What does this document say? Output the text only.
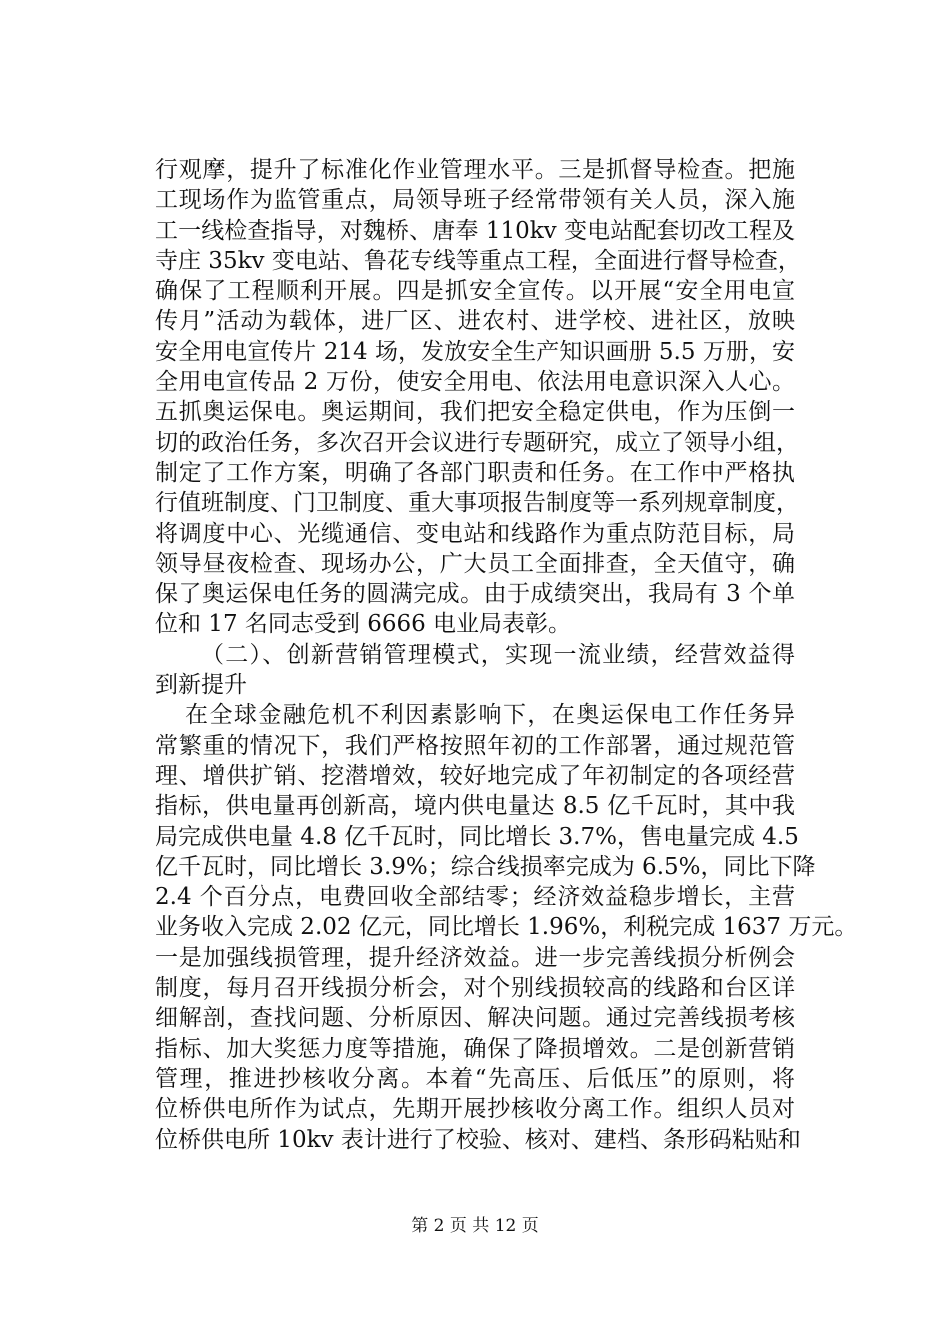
行观摩，提升了标准化作业管理水平。三是抓督导检查。把施
工现场作为监管重点，局领导班子经常带领有关人员，深入施
工一线检查指导，对魏桥、唐奉 110kv 变电站配套切改工程及
寺庄 35kv 变电站、鲁花专线等重点工程，全面进行督导检查，
确保了工程顺利开展。四是抓安全宣传。以开展“安全用电宣
传月”活动为载体，进厂区、进农村、进学校、进社区，放映
安全用电宣传片 214 场，发放安全生产知识画册 5.5 万册，安
全用电宣传品 2 万份，使安全用电、依法用电意识深入人心。
五抓奥运保电。奥运期间，我们把安全稳定供电，作为压倒一
切的政治任务，多次召开会议进行专题研究，成立了领导小组，
制定了工作方案，明确了各部门职责和任务。在工作中严格执
行值班制度、门卫制度、重大事项报告制度等一系列规章制度，
将调度中心、光缆通信、变电站和线路作为重点防范目标，局
领导昼夜检查、现场办公，广大员工全面排查，全天值守，确
保了奥运保电任务的圆满完成。由于成绩突出，我局有 3 个单
位和 17 名同志受到 6666 电业局表彰。
（二）、创新营销管理模式，实现一流业绩，经营效益得
到新提升
在全球金融危机不利因素影响下，在奥运保电工作任务异
常繁重的情况下，我们严格按照年初的工作部署，通过规范管
理、增供扩销、挖潜增效，较好地完成了年初制定的各项经营
指标，供电量再创新高，境内供电量达 8.5 亿千瓦时，其中我
局完成供电量 4.8 亿千瓦时，同比增长 3.7%，售电量完成 4.5
亿千瓦时，同比增长 3.9%；综合线损率完成为 6.5%，同比下降
2.4 个百分点，电费回收全部结零；经济效益稳步增长，主营
业务收入完成 2.02 亿元，同比增长 1.96%，利税完成 1637 万元。
一是加强线损管理，提升经济效益。进一步完善线损分析例会
制度，每月召开线损分析会，对个别线损较高的线路和台区详
细解剖，查找问题、分析原因、解决问题。通过完善线损考核
指标、加大奖惩力度等措施，确保了降损增效。二是创新营销
管理，推进抄核收分离。本着“先高压、后低压”的原则，将
位桥供电所作为试点，先期开展抄核收分离工作。组织人员对
位桥供电所 10kv 表计进行了校验、核对、建档、条形码粘贴和
第 2 页 共 12 页
